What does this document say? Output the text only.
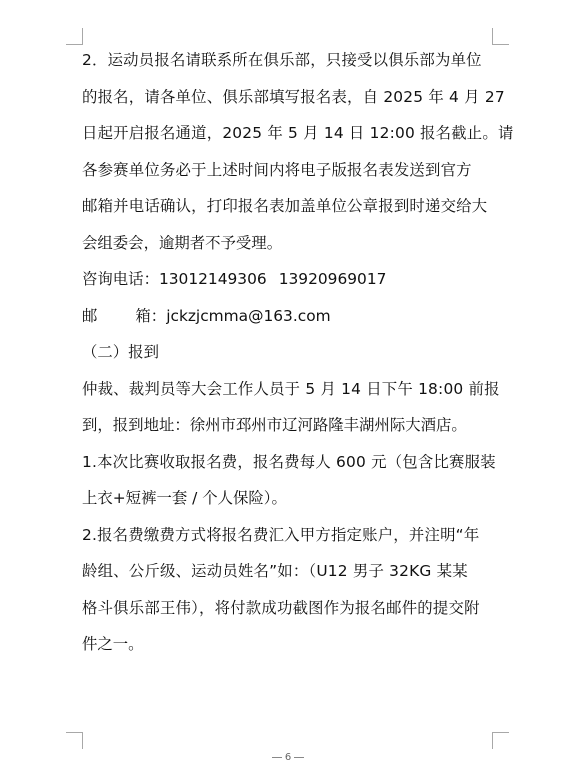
2．运动员报名请联系所在俱乐部，只接受以俱乐部为单位
的报名，请各单位、俱乐部填写报名表，自 2025 年 4 月 27
日起开启报名通道，2025 年 5 月 14 日 12:00 报名截止。请
各参赛单位务必于上述时间内将电子版报名表发送到官方
邮箱并电话确认，打印报名表加盖单位公章报到时递交给大
会组委会，逾期者不予受理。
咨询电话：13012149306 13920969017
邮 箱：jckzjcmma@163.com
（二）报到
仲裁、裁判员等大会工作人员于 5 月 14 日下午 18:00 前报
到，报到地址：徐州市邳州市辽河路隆丰湖州际大酒店。
1.本次比赛收取报名费，报名费每人 600 元（包含比赛服装
上衣+短裤一套 / 个人保险）。
2.报名费缴费方式将报名费汇入甲方指定账户，并注明“年
龄组、公斤级、运动员姓名”如：（U12 男子 32KG 某某
格斗俱乐部王伟），将付款成功截图作为报名邮件的提交附
件之一。
6
